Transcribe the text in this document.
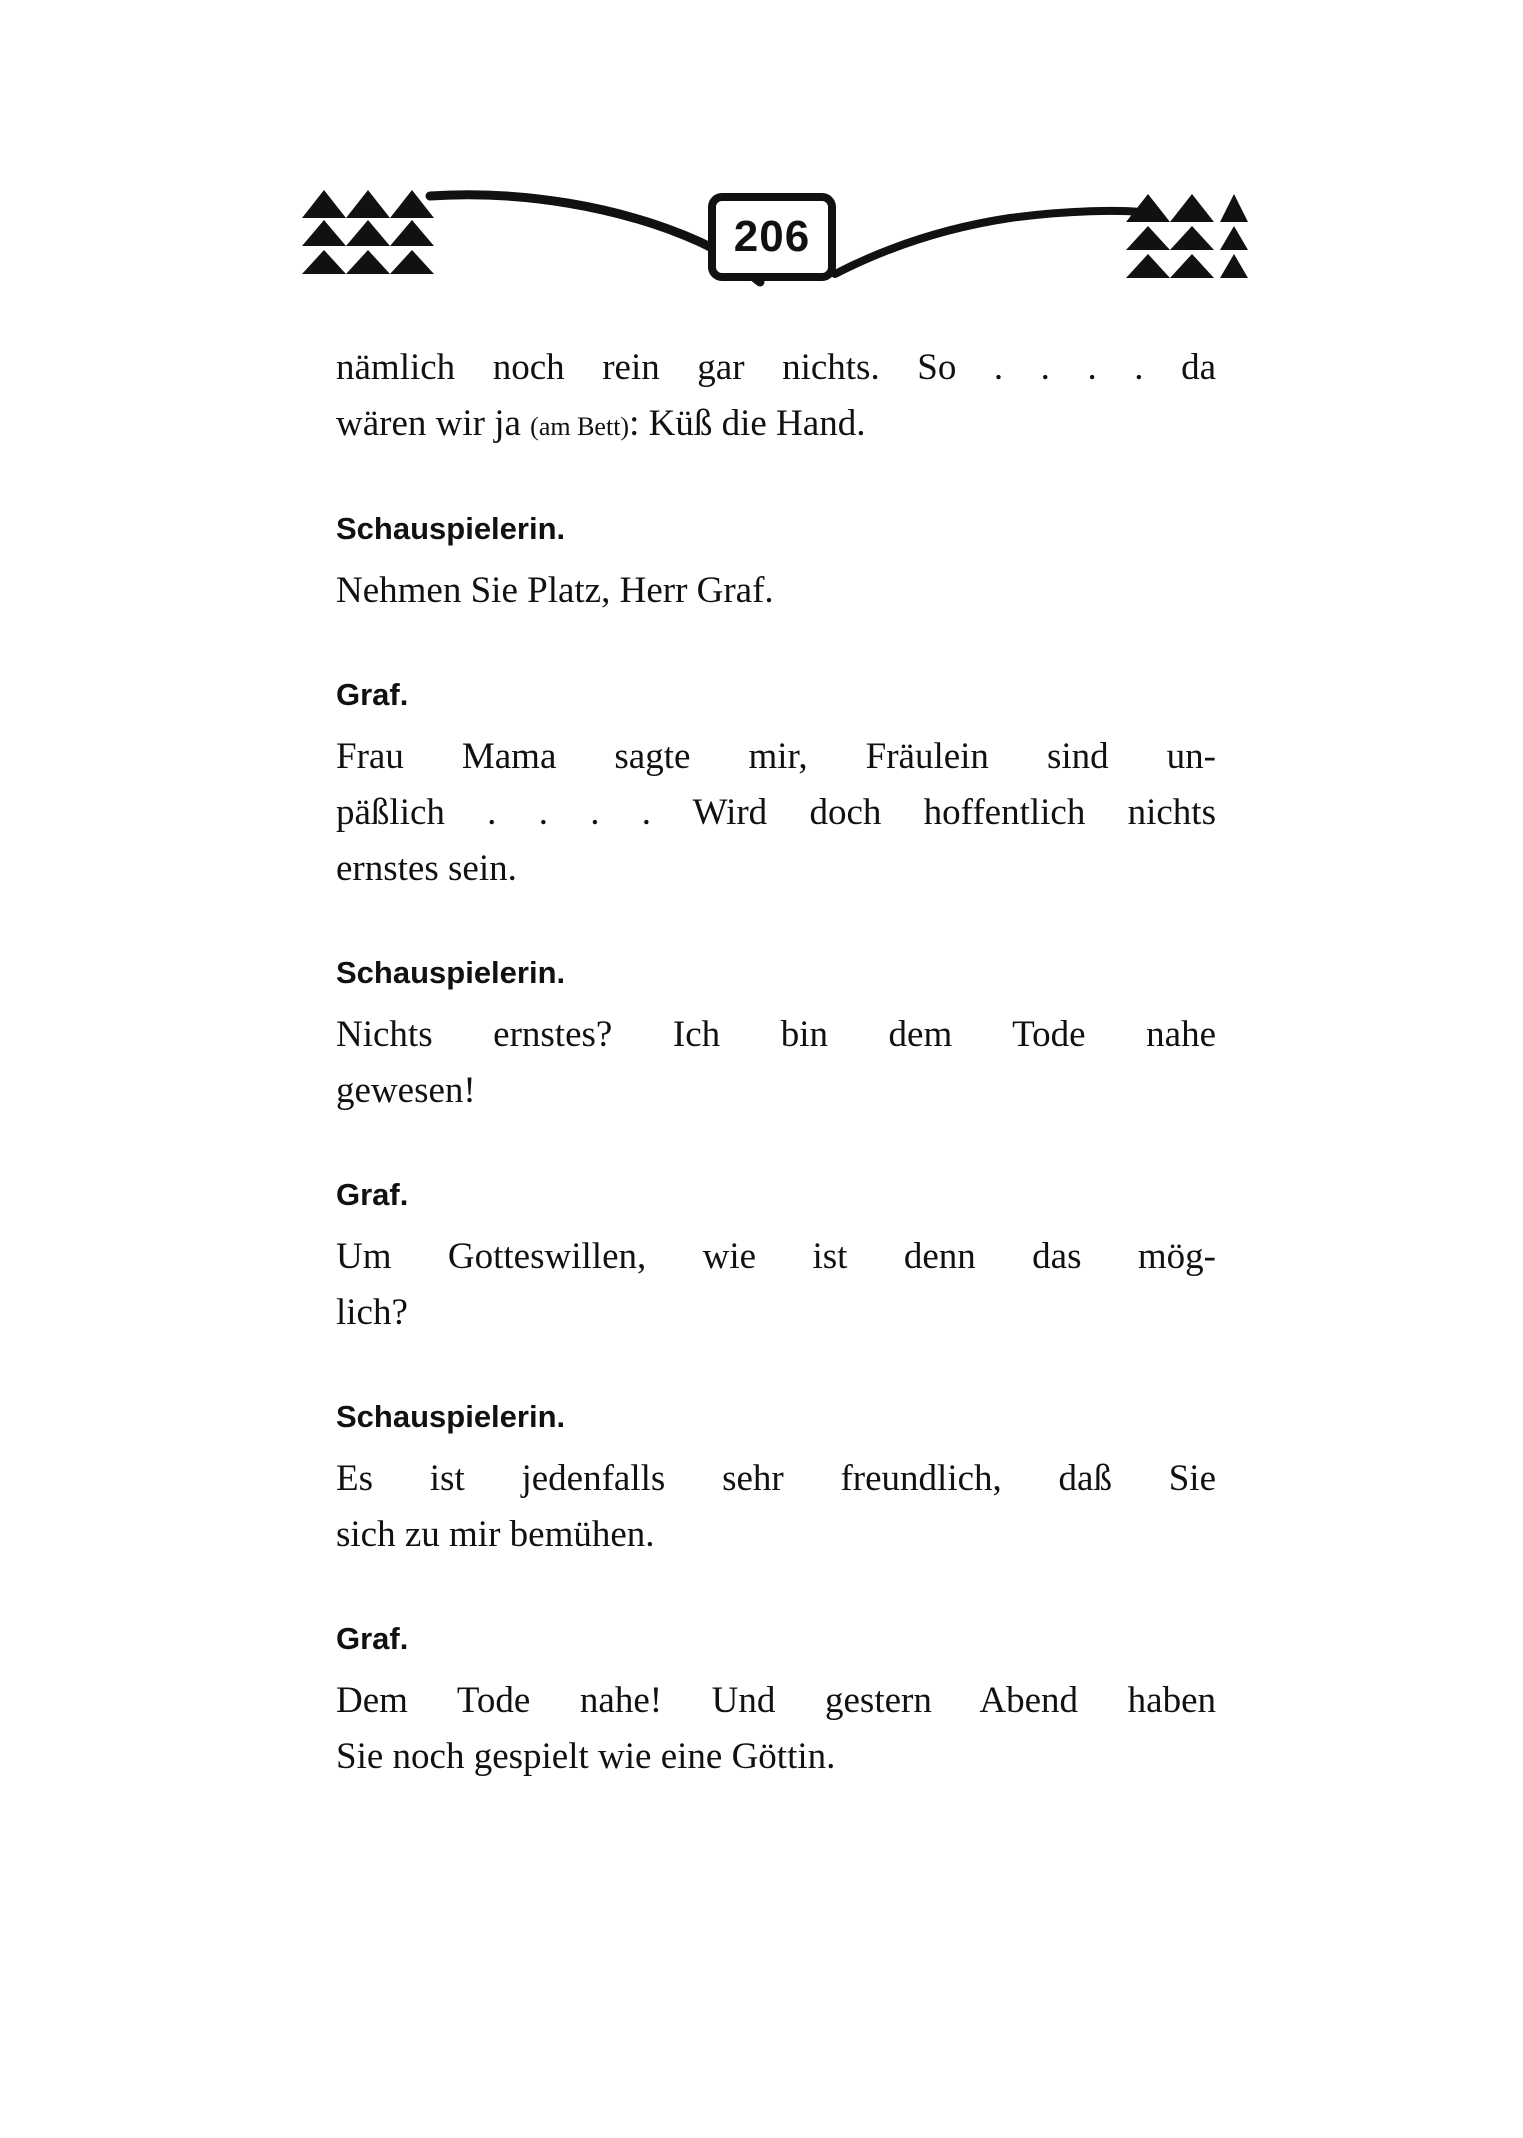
206

nämlich noch rein gar nichts. So . . . . da
wären wir ja (am Bett): Küß die Hand.

Schauspielerin.

Nehmen Sie Platz, Herr Graf.

Graf.

Frau Mama sagte mir, Fräulein sind un-
päßlich . . . . Wird doch hoffentlich nichts
ernstes sein.

Schauspielerin.

Nichts ernstes? Ich bin dem Tode nahe
gewesen!

Graf.

Um Gotteswillen, wie ist denn das mög-
lich?

Schauspielerin.

Es ist jedenfalls sehr freundlich, daß Sie
sich zu mir bemühen.

Graf.

Dem Tode nahe! Und gestern Abend haben
Sie noch gespielt wie eine Göttin.
